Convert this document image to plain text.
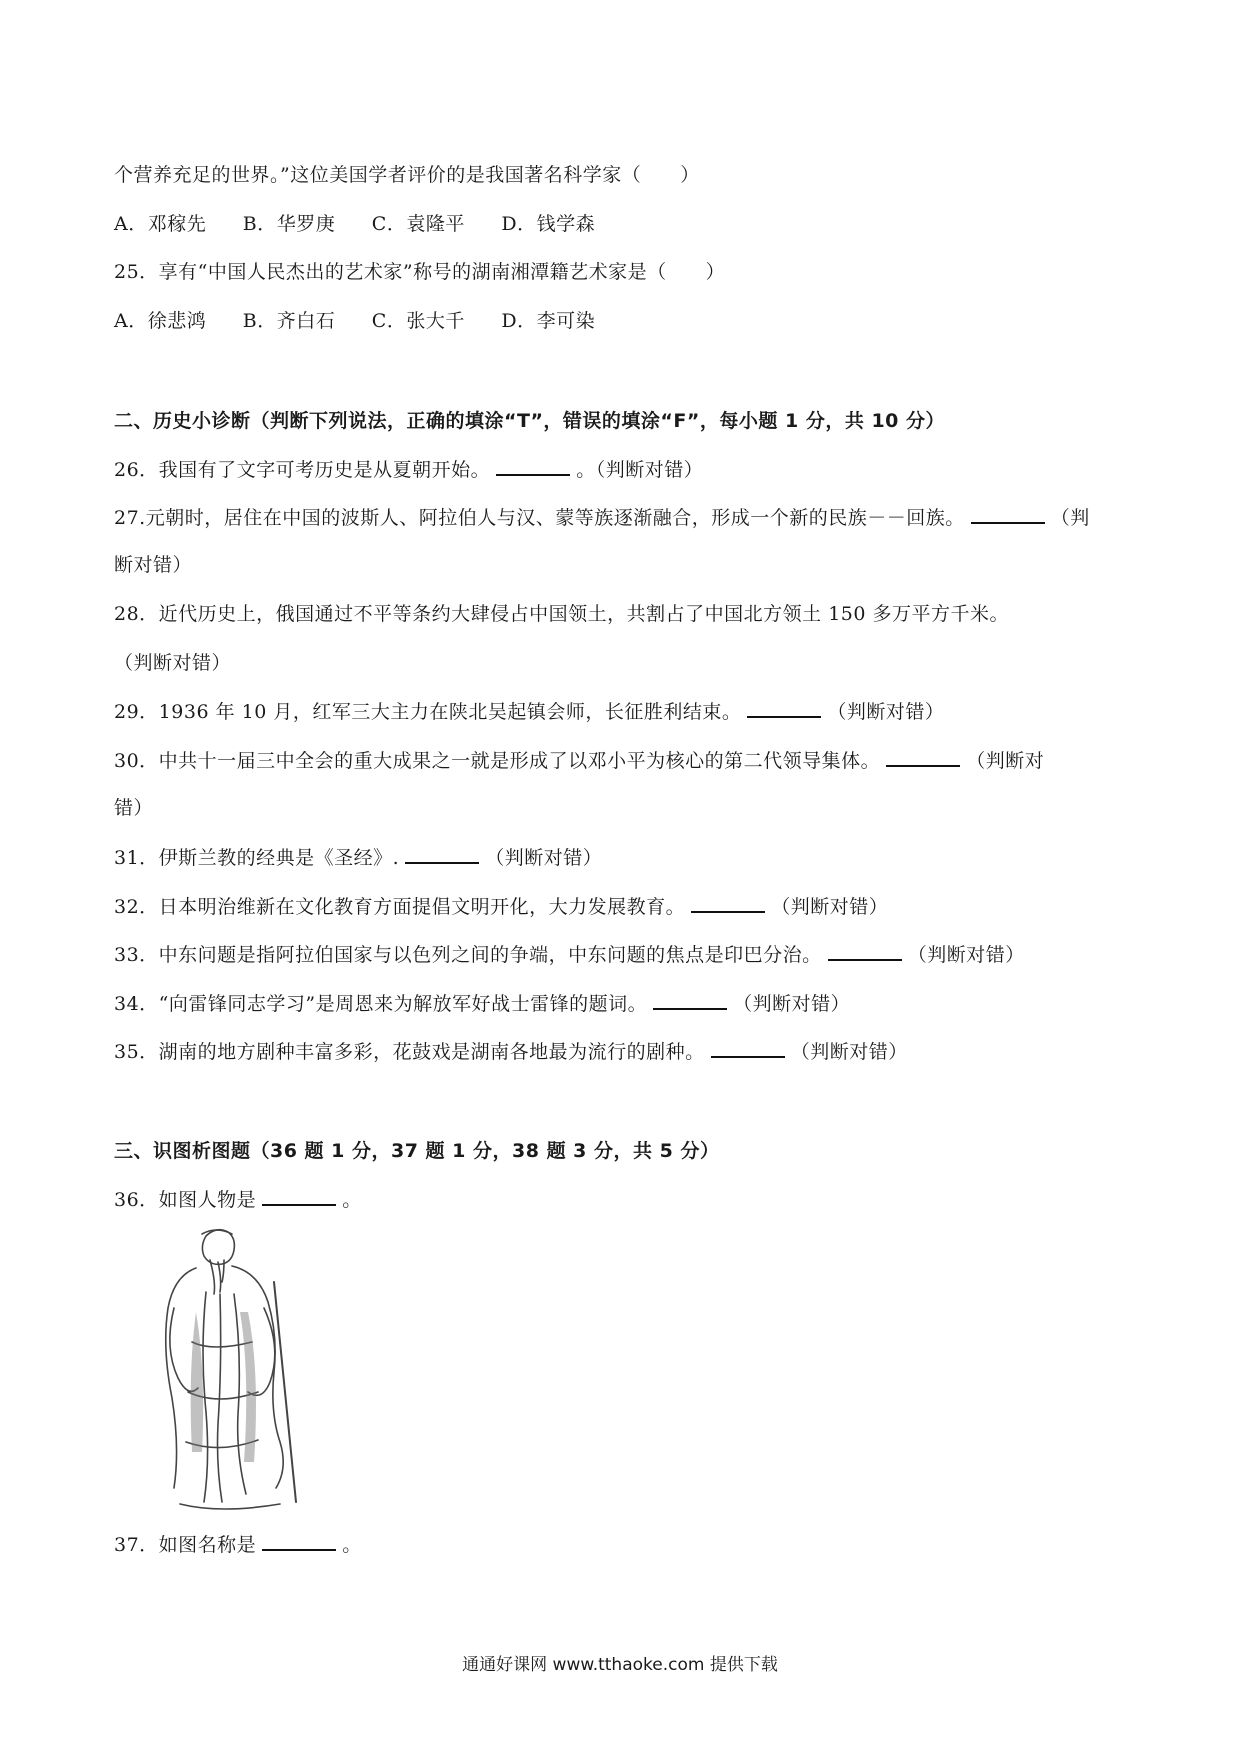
个营养充足的世界。”这位美国学者评价的是我国著名科学家（　　）
A．邓稼先 B．华罗庚 C．袁隆平 D．钱学森
25．享有“中国人民杰出的艺术家”称号的湖南湘潭籍艺术家是（　　）
A．徐悲鸿 B．齐白石 C．张大千 D．李可染
二、历史小诊断（判断下列说法，正确的填涂“T”，错误的填涂“F”，每小题 1 分，共 10 分）
26．我国有了文字可考历史是从夏朝开始。	。（判断对错）
27.元朝时，居住在中国的波斯人、阿拉伯人与汉、蒙等族逐渐融合，形成一个新的民族－－回族。	（判
断对错）
28．近代历史上，俄国通过不平等条约大肆侵占中国领土，共割占了中国北方领土 150 多万平方千米。
（判断对错）
29．1936 年 10 月，红军三大主力在陕北吴起镇会师，长征胜利结束。	（判断对错）
30．中共十一届三中全会的重大成果之一就是形成了以邓小平为核心的第二代领导集体。	（判断对
错）
31．伊斯兰教的经典是《圣经》.	（判断对错）
32．日本明治维新在文化教育方面提倡文明开化，大力发展教育。	（判断对错）
33．中东问题是指阿拉伯国家与以色列之间的争端，中东问题的焦点是印巴分治。	（判断对错）
34．“向雷锋同志学习”是周恩来为解放军好战士雷锋的题词。	（判断对错）
35．湖南的地方剧种丰富多彩，花鼓戏是湖南各地最为流行的剧种。	（判断对错）
三、识图析图题（36 题 1 分，37 题 1 分，38 题 3 分，共 5 分）
36．如图人物是	。
37．如图名称是	。
通通好课网 www.tthaoke.com 提供下载
